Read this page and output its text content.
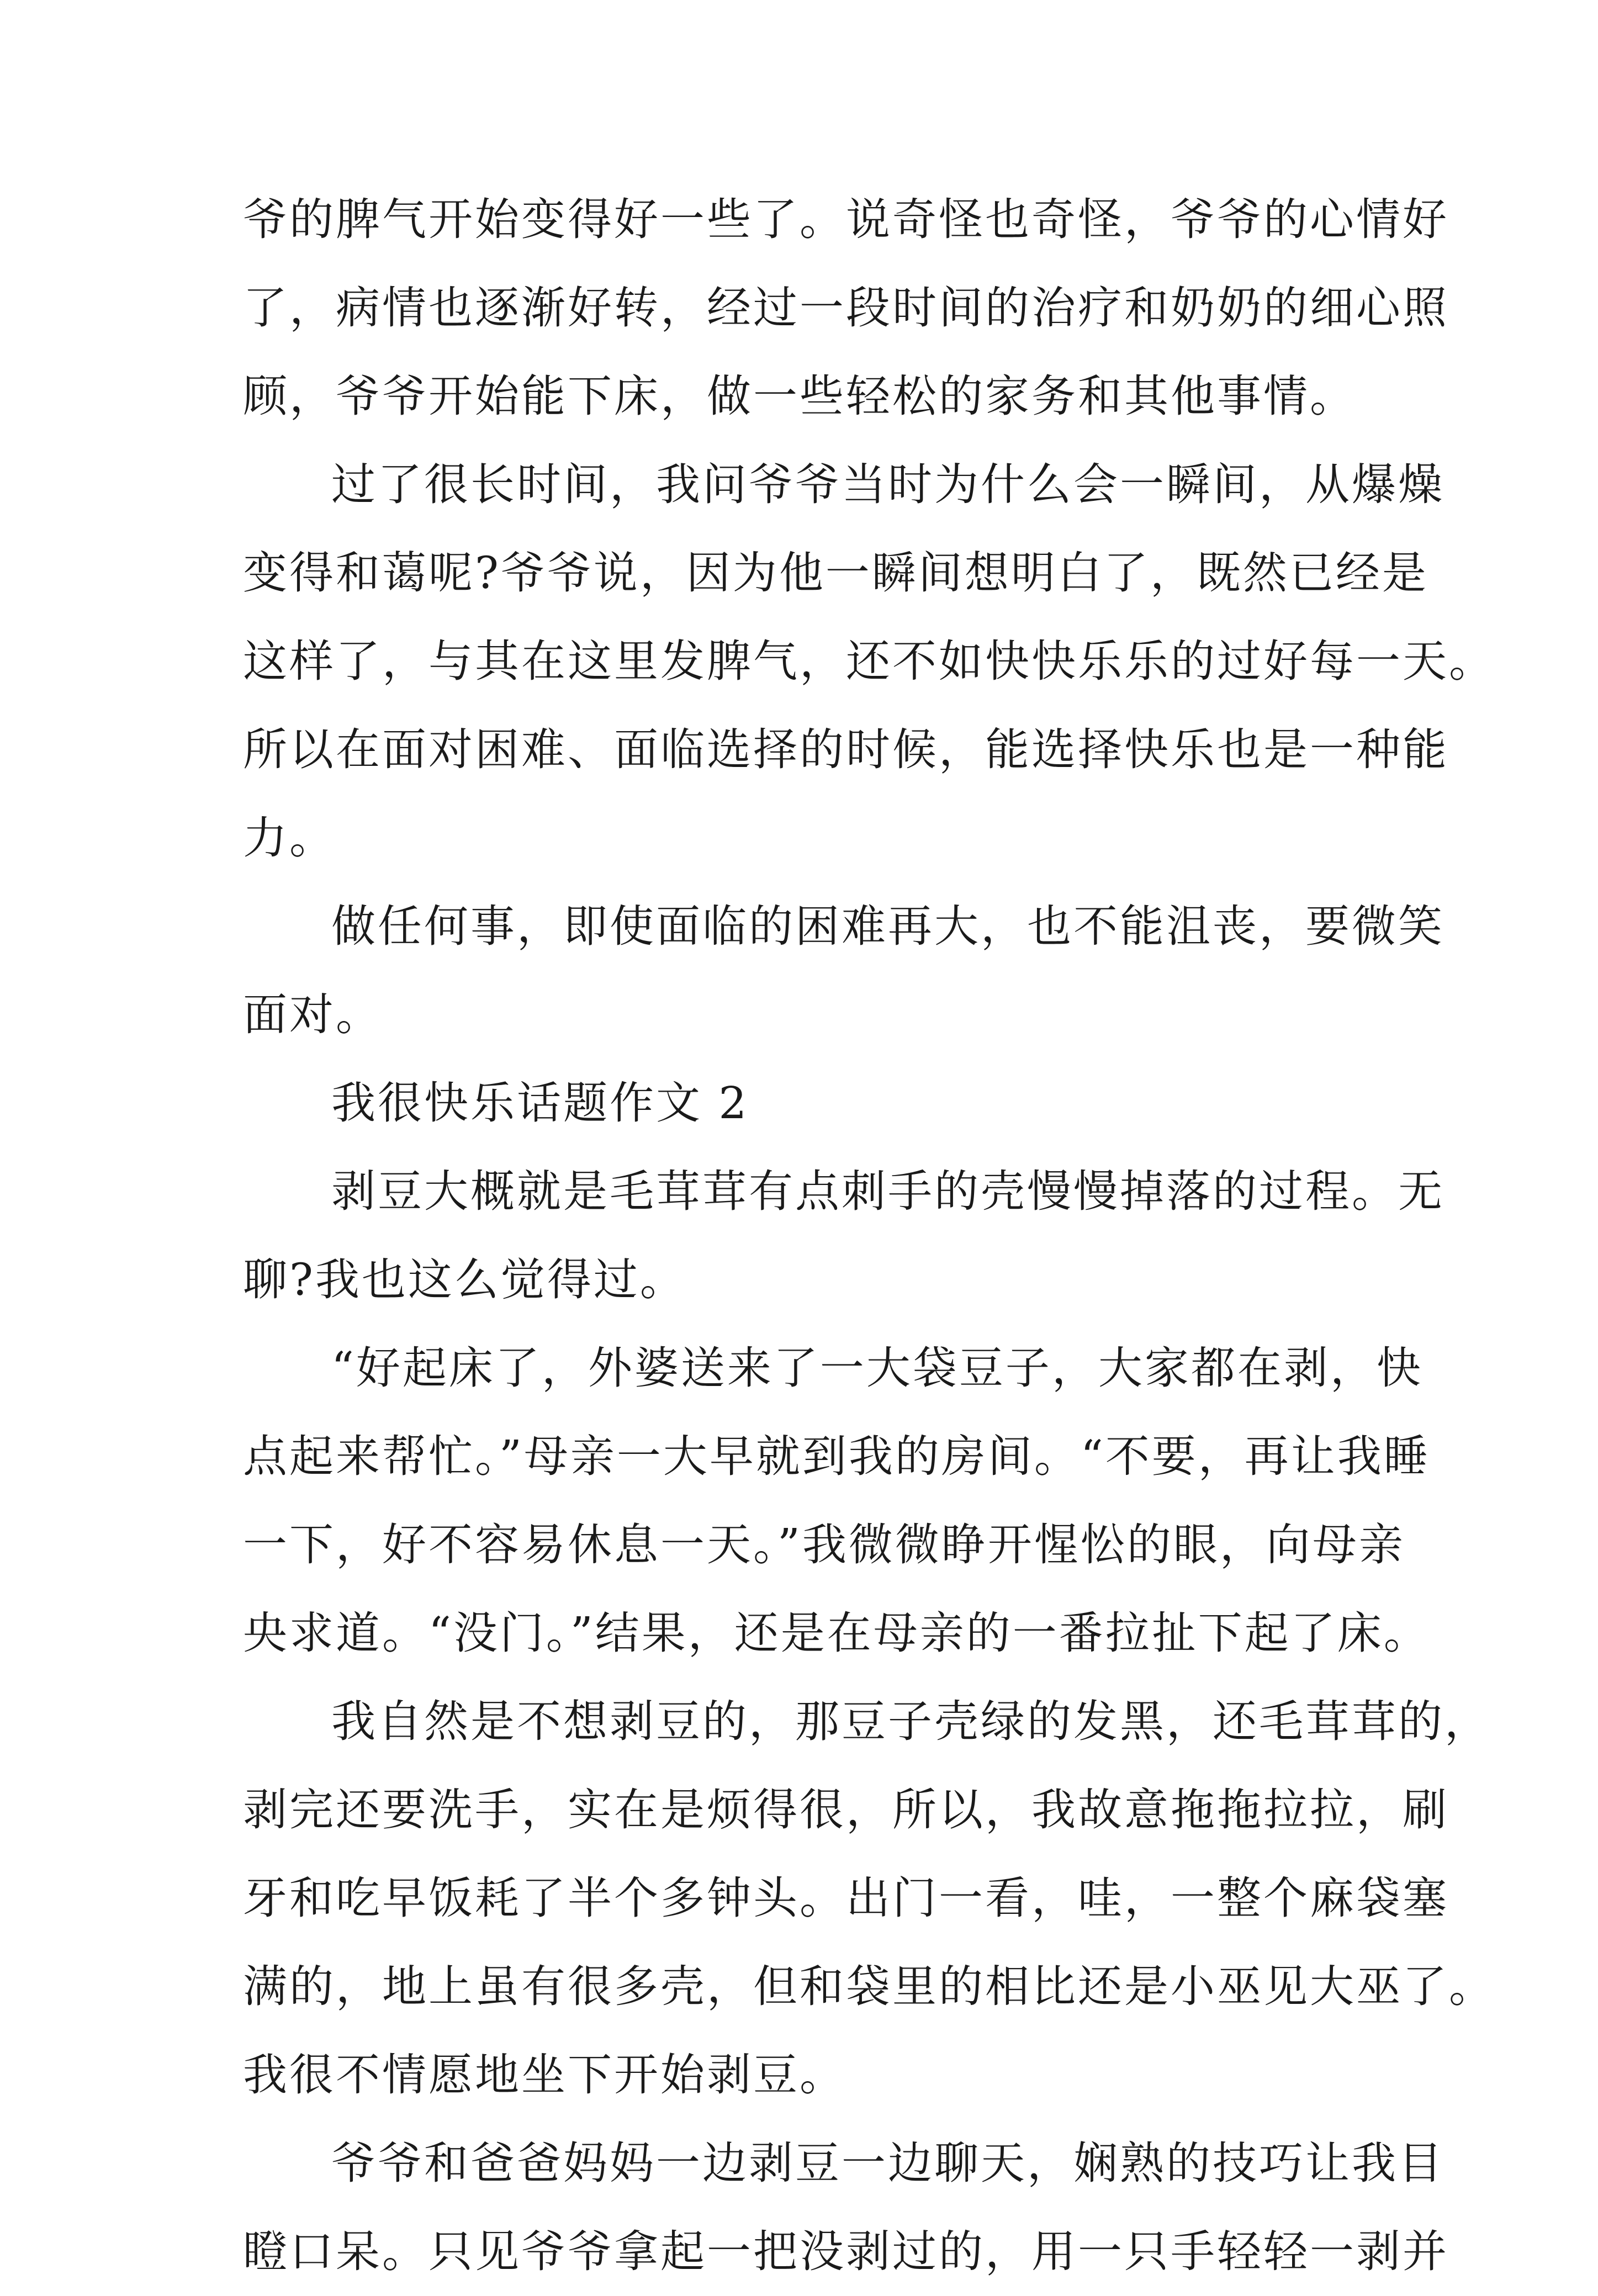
爷的脾气开始变得好一些了。说奇怪也奇怪，爷爷的心情好
了，病情也逐渐好转，经过一段时间的治疗和奶奶的细心照
顾，爷爷开始能下床，做一些轻松的家务和其他事情。
过了很长时间，我问爷爷当时为什么会一瞬间，从爆燥
变得和蔼呢?爷爷说，因为他一瞬间想明白了，既然已经是
这样了，与其在这里发脾气，还不如快快乐乐的过好每一天。
所以在面对困难、面临选择的时候，能选择快乐也是一种能
力。
做任何事，即使面临的困难再大，也不能沮丧，要微笑
面对。
我很快乐话题作文 2
剥豆大概就是毛茸茸有点刺手的壳慢慢掉落的过程。无
聊?我也这么觉得过。
“好起床了，外婆送来了一大袋豆子，大家都在剥，快
点起来帮忙。”母亲一大早就到我的房间。“不要，再让我睡
一下，好不容易休息一天。”我微微睁开惺忪的眼，向母亲
央求道。“没门。”结果，还是在母亲的一番拉扯下起了床。
我自然是不想剥豆的，那豆子壳绿的发黑，还毛茸茸的，
剥完还要洗手，实在是烦得很，所以，我故意拖拖拉拉，刷
牙和吃早饭耗了半个多钟头。出门一看，哇，一整个麻袋塞
满的，地上虽有很多壳，但和袋里的相比还是小巫见大巫了。
我很不情愿地坐下开始剥豆。
爷爷和爸爸妈妈一边剥豆一边聊天，娴熟的技巧让我目
瞪口呆。只见爷爷拿起一把没剥过的，用一只手轻轻一剥并
